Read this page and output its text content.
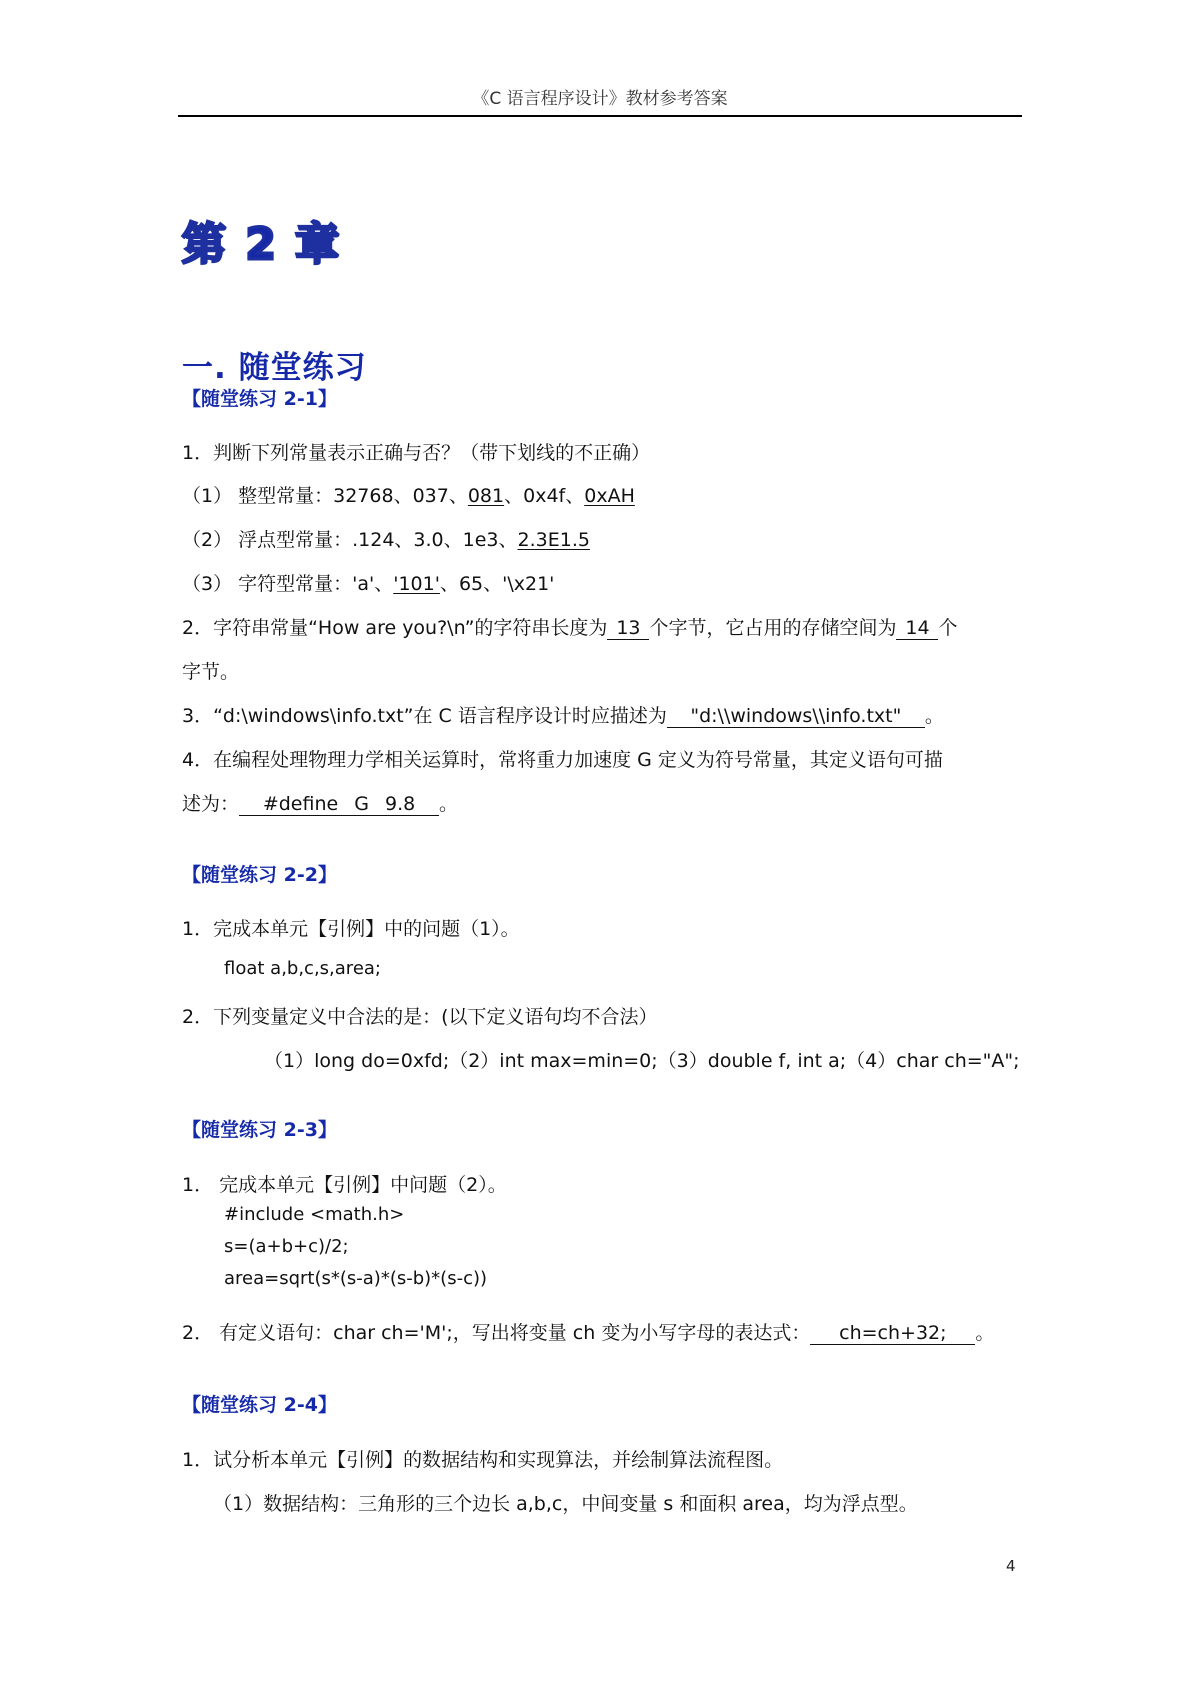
《C 语言程序设计》教材参考答案
第 2 章
一. 随堂练习
【随堂练习 2-1】
1．判断下列常量表示正确与否？（带下划线的不正确）
（1） 整型常量：32768、037、081、0x4f、0xAH
（2） 浮点型常量：.124、3.0、1e3、2.3E1.5
（3） 字符型常量：'a'、'101'、65、'\x21'
2．字符串常量“How are you?\n”的字符串长度为 13 个字节，它占用的存储空间为 14 个
字节。
3．“d:\windows\info.txt”在 C 语言程序设计时应描述为 "d:\\windows\\info.txt" 。
4．在编程处理物理力学相关运算时，常将重力加速度 G 定义为符号常量，其定义语句可描
述为： #define G 9.8 。
【随堂练习 2-2】
1．完成本单元【引例】中的问题（1）。
float a,b,c,s,area;
2．下列变量定义中合法的是：(以下定义语句均不合法）
（1）long do=0xfd;（2）int max=min=0;（3）double f, int a;（4）char ch="A";
【随堂练习 2-3】
1． 完成本单元【引例】中问题（2）。
#include <math.h>
s=(a+b+c)/2;
area=sqrt(s*(s-a)*(s-b)*(s-c))
2． 有定义语句：char ch='M';，写出将变量 ch 变为小写字母的表达式： ch=ch+32; 。
【随堂练习 2-4】
1．试分析本单元【引例】的数据结构和实现算法，并绘制算法流程图。
（1）数据结构：三角形的三个边长 a,b,c，中间变量 s 和面积 area，均为浮点型。
4
